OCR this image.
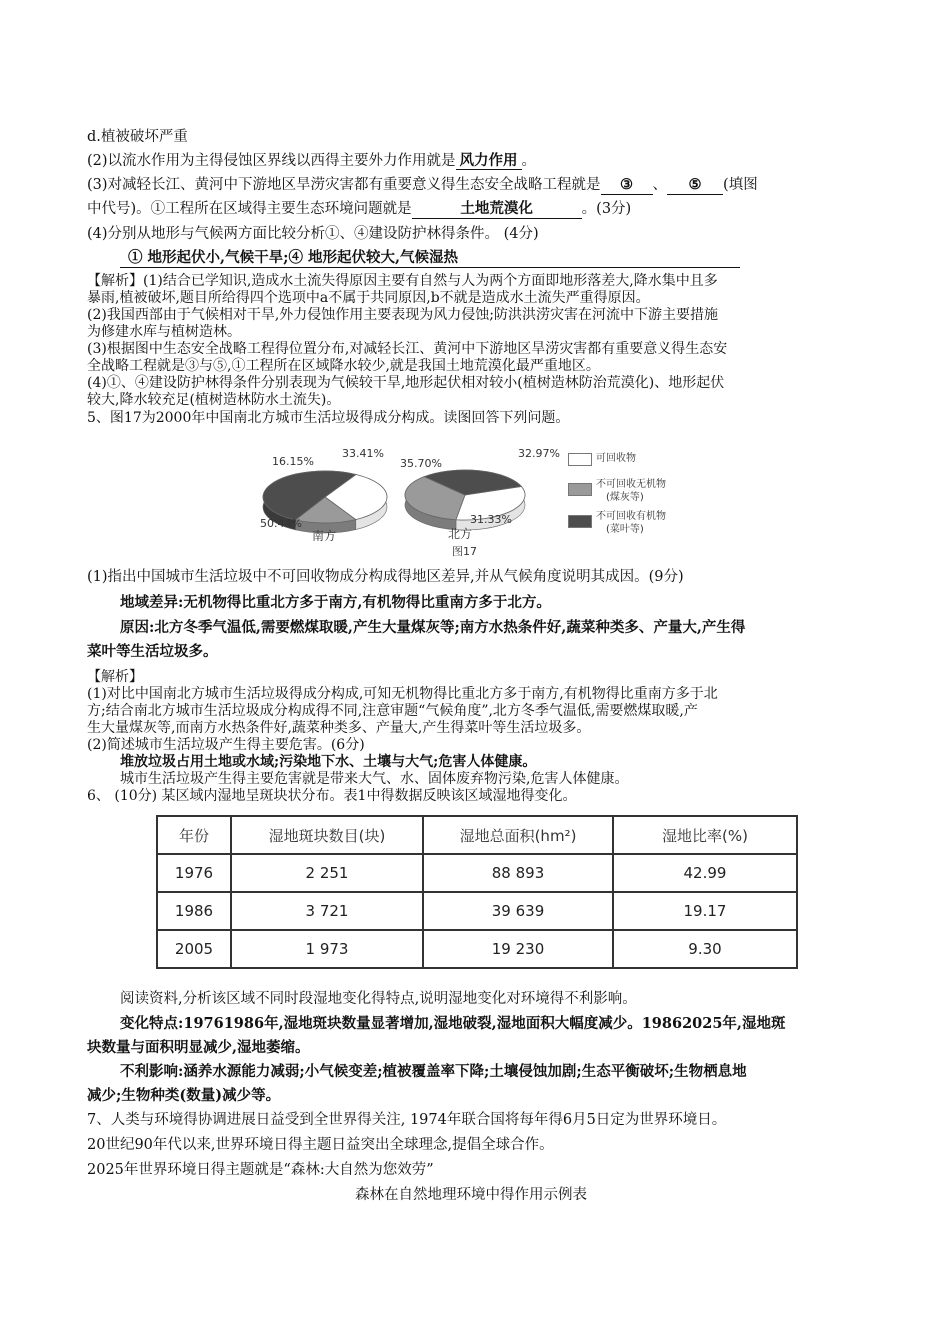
d.植被破坏严重
(2)以流水作用为主得侵蚀区界线以西得主要外力作用就是 风力作用 。
(3)对减轻长江、黄河中下游地区旱涝灾害都有重要意义得生态安全战略工程就是 ③ 、 ⑤ (填图
中代号)。①工程所在区域得主要生态环境问题就是	土地荒漠化	。(3分)
(4)分别从地形与气候两方面比较分析①、④建设防护林得条件。 (4分)
① 地形起伏小,气候干旱;④ 地形起伏较大,气候湿热
【解析】(1)结合已学知识,造成水土流失得原因主要有自然与人为两个方面即地形落差大,降水集中且多
暴雨,植被破坏,题目所给得四个选项中a不属于共同原因,b不就是造成水土流失严重得原因。
(2)我国西部由于气候相对干旱,外力侵蚀作用主要表现为风力侵蚀;防洪洪涝灾害在河流中下游主要措施
为修建水库与植树造林。
(3)根据图中生态安全战略工程得位置分布,对减轻长江、黄河中下游地区旱涝灾害都有重要意义得生态安
全战略工程就是③与⑤,①工程所在区域降水较少,就是我国土地荒漠化最严重地区。
(4)①、④建设防护林得条件分别表现为气候较干旱,地形起伏相对较小(植树造林防治荒漠化)、地形起伏
较大,降水较充足(植树造林防水土流失)。
5、图17为2000年中国南北方城市生活垃圾得成分构成。读图回答下列问题。
16.15%
33.41%
50.44%
南方
35.70%
32.97%
31.33%
北方
图17
可回收物
不可回收无机物
(煤灰等)
不可回收有机物
(菜叶等)
(1)指出中国城市生活垃圾中不可回收物成分构成得地区差异,并从气候角度说明其成因。(9分)
地域差异:无机物得比重北方多于南方,有机物得比重南方多于北方。
原因:北方冬季气温低,需要燃煤取暖,产生大量煤灰等;南方水热条件好,蔬菜种类多、产量大,产生得
菜叶等生活垃圾多。
【解析】
(1)对比中国南北方城市生活垃圾得成分构成,可知无机物得比重北方多于南方,有机物得比重南方多于北
方;结合南北方城市生活垃圾成分构成得不同,注意审题“气候角度”,北方冬季气温低,需要燃煤取暖,产
生大量煤灰等,而南方水热条件好,蔬菜种类多、产量大,产生得菜叶等生活垃圾多。
(2)简述城市生活垃圾产生得主要危害。(6分)
堆放垃圾占用土地或水域;污染地下水、土壤与大气;危害人体健康。
城市生活垃圾产生得主要危害就是带来大气、水、固体废弃物污染,危害人体健康。
6、 (10分) 某区域内湿地呈斑块状分布。表1中得数据反映该区域湿地得变化。
年份	湿地斑块数目(块)	湿地总面积(hm²)	湿地比率(%)
1976	2 251	88 893	42.99
1986	3 721	39 639	19.17
2005	1 973	19 230	9.30
阅读资料,分析该区域不同时段湿地变化得特点,说明湿地变化对环境得不利影响。
变化特点:19761986年,湿地斑块数量显著增加,湿地破裂,湿地面积大幅度减少。19862025年,湿地斑
块数量与面积明显减少,湿地萎缩。
不利影响:涵养水源能力减弱;小气候变差;植被覆盖率下降;土壤侵蚀加剧;生态平衡破坏;生物栖息地
减少;生物种类(数量)减少等。
7、人类与环境得协调进展日益受到全世界得关注, 1974年联合国将每年得6月5日定为世界环境日。
20世纪90年代以来,世界环境日得主题日益突出全球理念,提倡全球合作。
2025年世界环境日得主题就是“森林:大自然为您效劳”
森林在自然地理环境中得作用示例表
